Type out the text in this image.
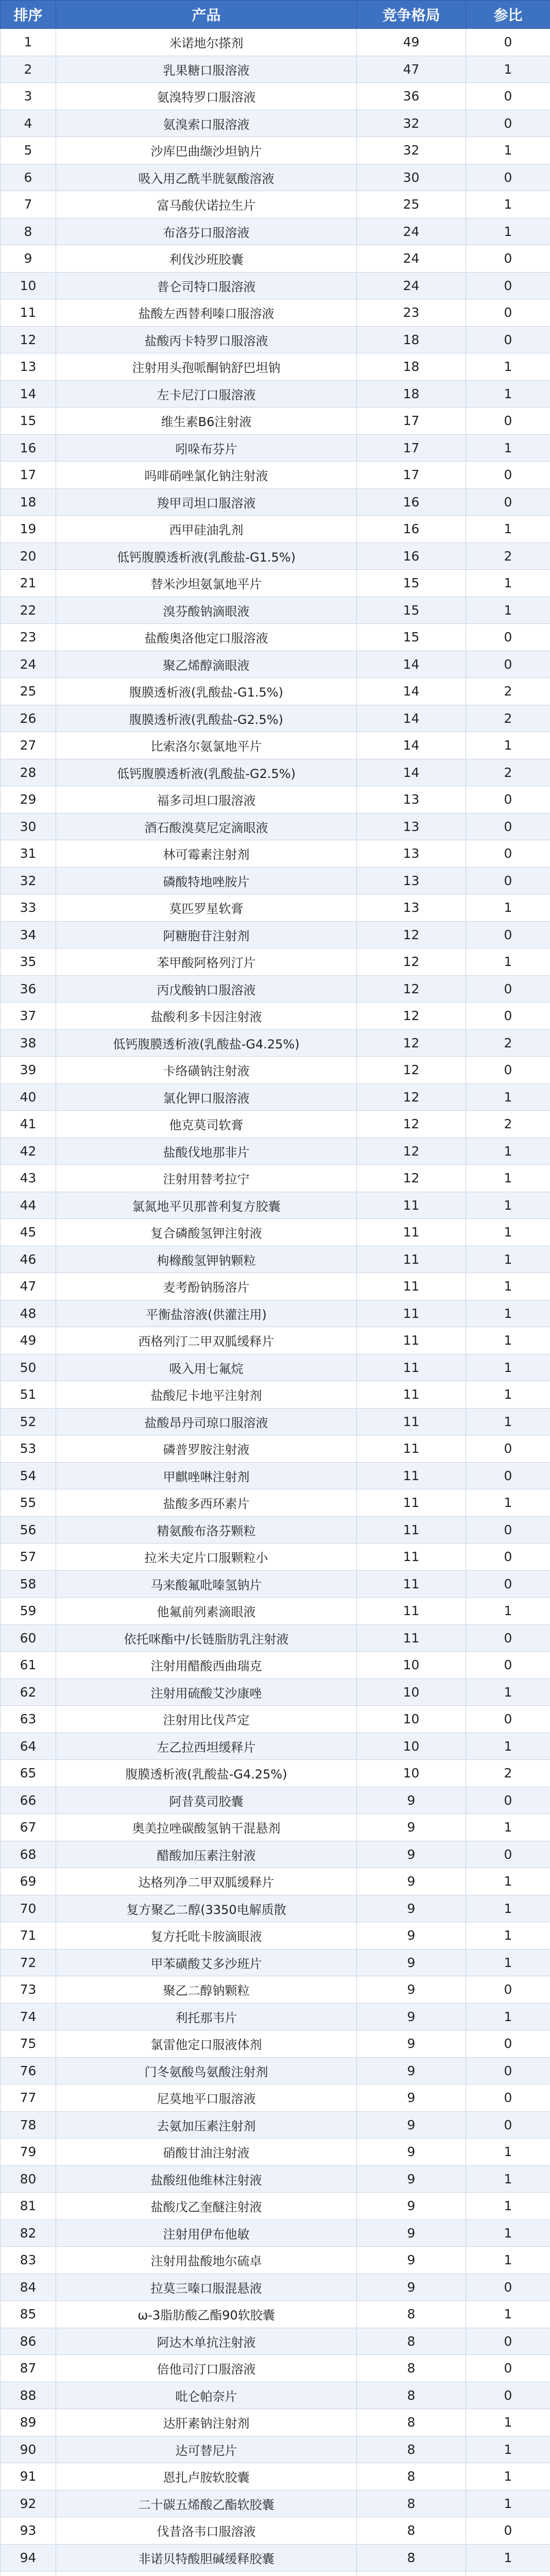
排序	产品	竞争格局	参比
1	米诺地尔搽剂	49	0
2	乳果糖口服溶液	47	1
3	氨溴特罗口服溶液	36	0
4	氨溴索口服溶液	32	0
5	沙库巴曲缬沙坦钠片	32	1
6	吸入用乙酰半胱氨酸溶液	30	0
7	富马酸伏诺拉生片	25	1
8	布洛芬口服溶液	24	1
9	利伐沙班胶囊	24	0
10	普仑司特口服溶液	24	0
11	盐酸左西替利嗪口服溶液	23	0
12	盐酸丙卡特罗口服溶液	18	0
13	注射用头孢哌酮钠舒巴坦钠	18	1
14	左卡尼汀口服溶液	18	1
15	维生素B6注射液	17	0
16	吲哚布芬片	17	1
17	吗啡硝唑氯化钠注射液	17	0
18	羧甲司坦口服溶液	16	0
19	西甲硅油乳剂	16	1
20	低钙腹膜透析液(乳酸盐-G1.5%)	16	2
21	替米沙坦氨氯地平片	15	1
22	溴芬酸钠滴眼液	15	1
23	盐酸奥洛他定口服溶液	15	0
24	聚乙烯醇滴眼液	14	0
25	腹膜透析液(乳酸盐-G1.5%)	14	2
26	腹膜透析液(乳酸盐-G2.5%)	14	2
27	比索洛尔氨氯地平片	14	1
28	低钙腹膜透析液(乳酸盐-G2.5%)	14	2
29	福多司坦口服溶液	13	0
30	酒石酸溴莫尼定滴眼液	13	0
31	林可霉素注射剂	13	0
32	磷酸特地唑胺片	13	0
33	莫匹罗星软膏	13	1
34	阿糖胞苷注射剂	12	0
35	苯甲酸阿格列汀片	12	1
36	丙戊酸钠口服溶液	12	0
37	盐酸利多卡因注射液	12	0
38	低钙腹膜透析液(乳酸盐-G4.25%)	12	2
39	卡络磺钠注射液	12	0
40	氯化钾口服溶液	12	1
41	他克莫司软膏	12	2
42	盐酸伐地那非片	12	1
43	注射用替考拉宁	12	1
44	氯氮地平贝那普利复方胶囊	11	1
45	复合磷酸氢钾注射液	11	1
46	枸橼酸氢钾钠颗粒	11	1
47	麦考酚钠肠溶片	11	1
48	平衡盐溶液(供灌注用)	11	1
49	西格列汀二甲双胍缓释片	11	1
50	吸入用七氟烷	11	1
51	盐酸尼卡地平注射剂	11	1
52	盐酸昂丹司琼口服溶液	11	1
53	磷普罗胺注射液	11	0
54	甲麒唑啉注射剂	11	0
55	盐酸多西环素片	11	1
56	精氨酸布洛芬颗粒	11	0
57	拉米夫定片口服颗粒小	11	0
58	马来酸氟吡嗪氢钠片	11	0
59	他氟前列素滴眼液	11	1
60	依托咪酯中/长链脂肪乳注射液	11	0
61	注射用醋酸西曲瑞克	10	0
62	注射用硫酸艾沙康唑	10	1
63	注射用比伐芦定	10	0
64	左乙拉西坦缓释片	10	1
65	腹膜透析液(乳酸盐-G4.25%)	10	2
66	阿昔莫司胶囊	9	0
67	奥美拉唑碳酸氢钠干混悬剂	9	1
68	醋酸加压素注射液	9	0
69	达格列净二甲双胍缓释片	9	1
70	复方聚乙二醇(3350电解质散	9	1
71	复方托吡卡胺滴眼液	9	1
72	甲苯磺酸艾多沙班片	9	1
73	聚乙二醇钠颗粒	9	0
74	利托那韦片	9	1
75	氯雷他定口服液体剂	9	0
76	门冬氨酸鸟氨酸注射剂	9	0
77	尼莫地平口服溶液	9	0
78	去氨加压素注射剂	9	0
79	硝酸甘油注射液	9	1
80	盐酸纽他维林注射液	9	1
81	盐酸戊乙奎醚注射液	9	1
82	注射用伊布他敏	9	1
83	注射用盐酸地尔硫卓	9	1
84	拉莫三嗪口服混悬液	9	0
85	ω-3脂肪酸乙酯90软胶囊	8	1
86	阿达木单抗注射液	8	0
87	倍他司汀口服溶液	8	0
88	吡仑帕奈片	8	0
89	达肝素钠注射剂	8	1
90	达可替尼片	8	1
91	恩扎卢胺软胶囊	8	1
92	二十碳五烯酸乙酯软胶囊	8	1
93	伐昔洛韦口服溶液	8	0
94	非诺贝特酸胆碱缓释胶囊	8	1
